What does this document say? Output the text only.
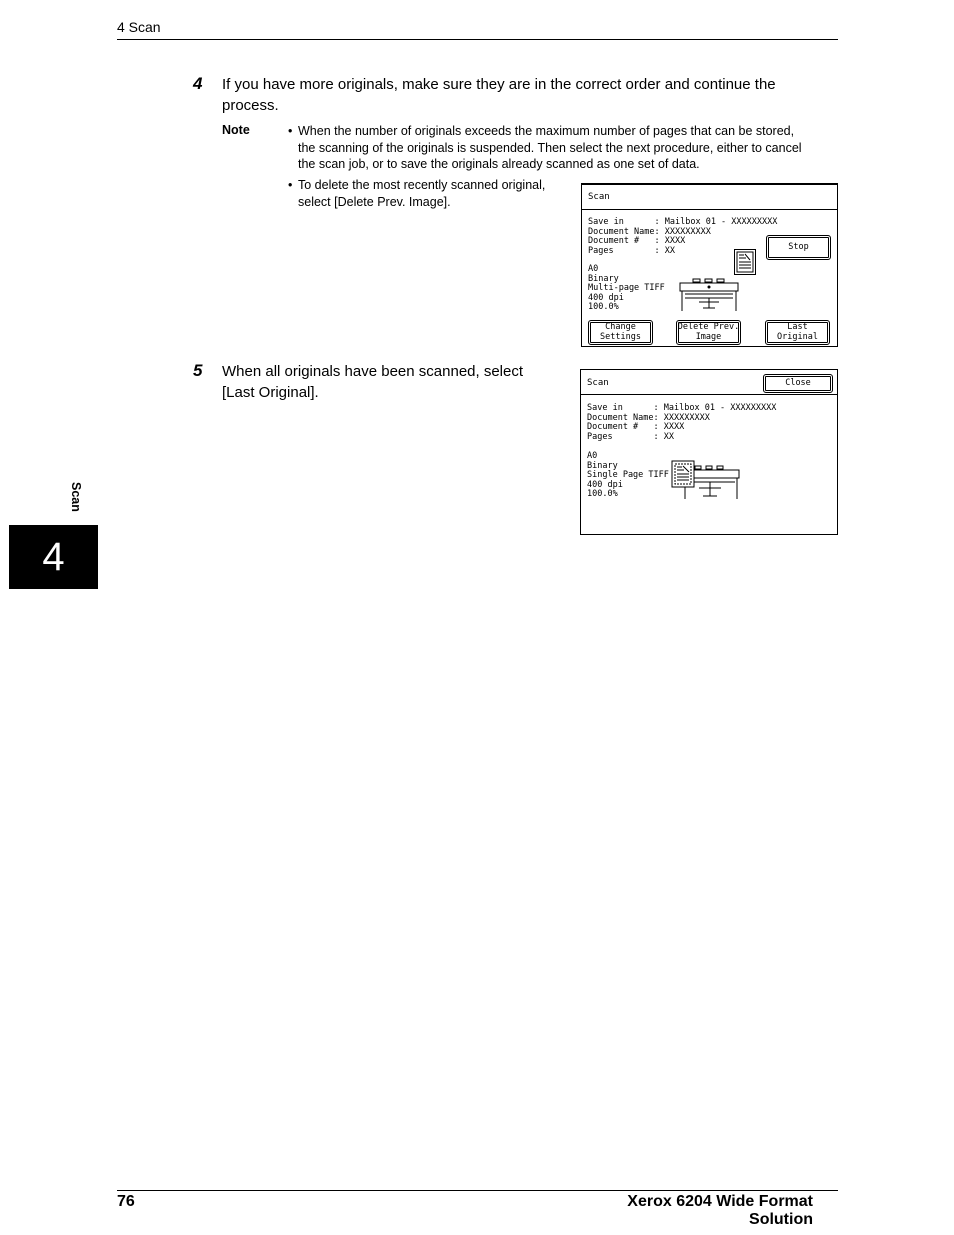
4 Scan
4 If you have more originals, make sure they are in the correct order and continue the
process.
Note	• When the number of originals exceeds the maximum number of pages that can be stored,
the scanning of the originals is suspended. Then select the next procedure, either to cancel
the scan job, or to save the originals already scanned as one set of data.
• To delete the most recently scanned original,
select [Delete Prev. Image].	Scan
Save in      : Mailbox 01 - XXXXXXXXX
Document Name: XXXXXXXXX
Document #   : XXXX
Pages        : XX
A0
Binary
Multi-page TIFF
400 dpi
100.0%
Stop
Change
Settings
Delete Prev.
Image
Last
Original
5 When all originals have been scanned, select
[Last Original].
Scan	Close
Save in      : Mailbox 01 - XXXXXXXXX
Document Name: XXXXXXXXX
Document #   : XXXX
Pages        : XX
A0
Binary
Single Page TIFF
400 dpi
100.0%
Scan
4
76	Xerox 6204 Wide Format Solution
